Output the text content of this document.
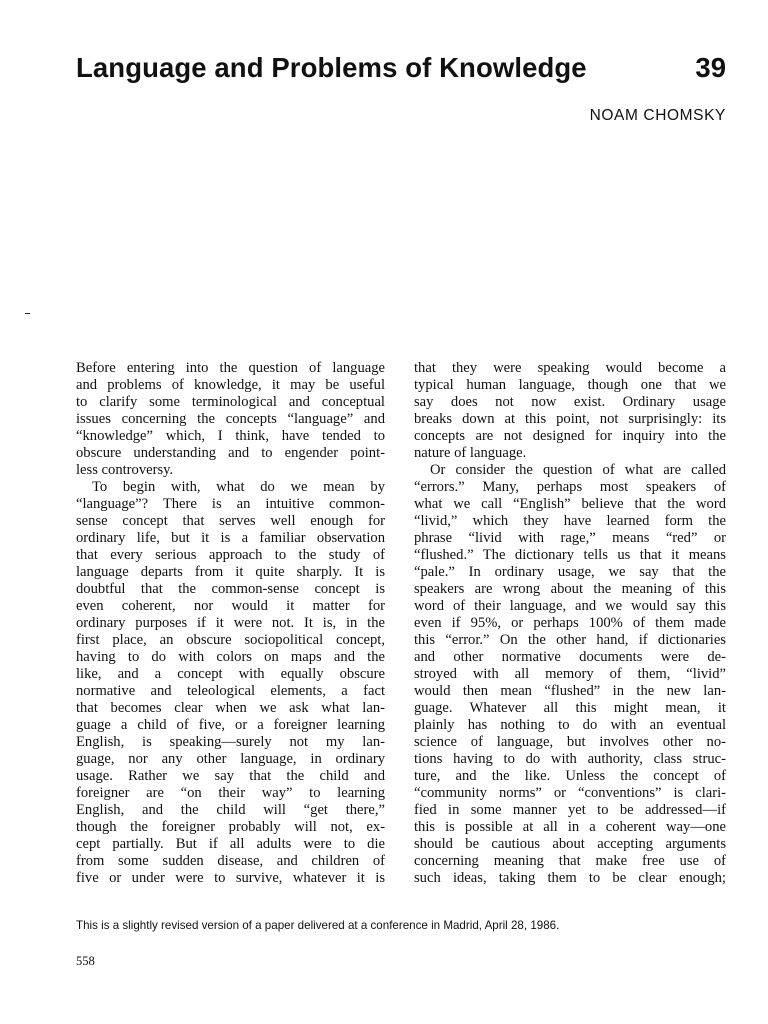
Language and Problems of Knowledge	39
NOAM CHOMSKY
Before entering into the question of language
and problems of knowledge, it may be useful
to clarify some terminological and conceptual
issues concerning the concepts “language” and
“knowledge” which, I think, have tended to
obscure understanding and to engender point-
less controversy.
To begin with, what do we mean by
“language”? There is an intuitive common-
sense concept that serves well enough for
ordinary life, but it is a familiar observation
that every serious approach to the study of
language departs from it quite sharply. It is
doubtful that the common-sense concept is
even coherent, nor would it matter for
ordinary purposes if it were not. It is, in the
first place, an obscure sociopolitical concept,
having to do with colors on maps and the
like, and a concept with equally obscure
normative and teleological elements, a fact
that becomes clear when we ask what lan-
guage a child of five, or a foreigner learning
English, is speaking—surely not my lan-
guage, nor any other language, in ordinary
usage. Rather we say that the child and
foreigner are “on their way” to learning
English, and the child will “get there,”
though the foreigner probably will not, ex-
cept partially. But if all adults were to die
from some sudden disease, and children of
five or under were to survive, whatever it is
that they were speaking would become a
typical human language, though one that we
say does not now exist. Ordinary usage
breaks down at this point, not surprisingly: its
concepts are not designed for inquiry into the
nature of language.
Or consider the question of what are called
“errors.” Many, perhaps most speakers of
what we call “English” believe that the word
“livid,” which they have learned form the
phrase “livid with rage,” means “red” or
“flushed.” The dictionary tells us that it means
“pale.” In ordinary usage, we say that the
speakers are wrong about the meaning of this
word of their language, and we would say this
even if 95%, or perhaps 100% of them made
this “error.” On the other hand, if dictionaries
and other normative documents were de-
stroyed with all memory of them, “livid”
would then mean “flushed” in the new lan-
guage. Whatever all this might mean, it
plainly has nothing to do with an eventual
science of language, but involves other no-
tions having to do with authority, class struc-
ture, and the like. Unless the concept of
“community norms” or “conventions” is clari-
fied in some manner yet to be addressed—if
this is possible at all in a coherent way—one
should be cautious about accepting arguments
concerning meaning that make free use of
such ideas, taking them to be clear enough;
This is a slightly revised version of a paper delivered at a conference in Madrid, April 28, 1986.
558
